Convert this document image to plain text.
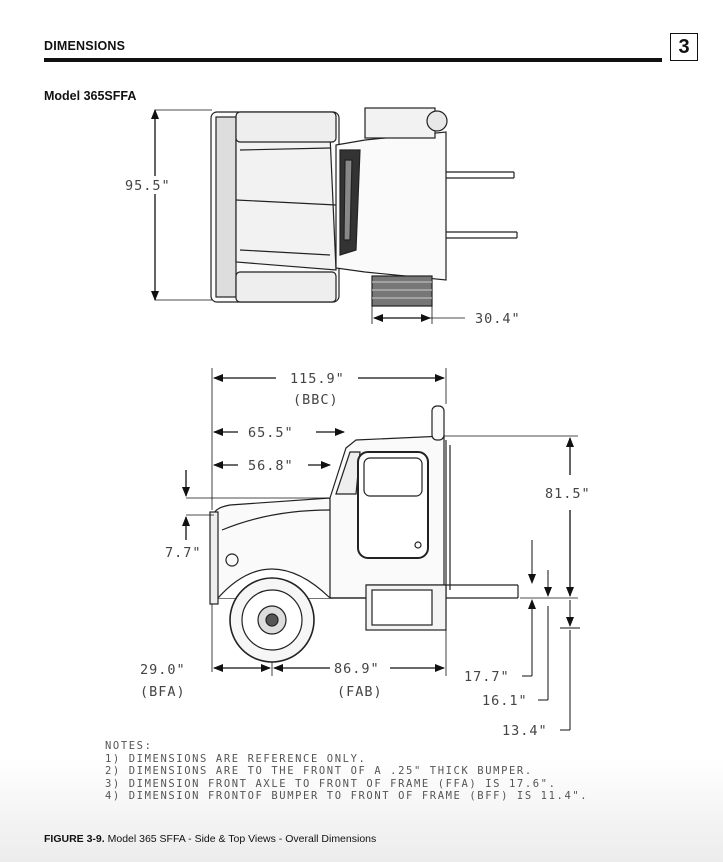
DIMENSIONS	3
Model 365SFFA
95.5"
30.4"
115.9"
(BBC)
65.5"
56.8"
7.7"
81.5"
29.0"
(BFA)
86.9"
(FAB)
17.7"
16.1"
13.4"
NOTES:
1) DIMENSIONS ARE REFERENCE ONLY.
2) DIMENSIONS ARE TO THE FRONT OF A .25" THICK BUMPER.
3) DIMENSION FRONT AXLE TO FRONT OF FRAME (FFA) IS 17.6".
4) DIMENSION FRONTOF BUMPER TO FRONT OF FRAME (BFF) IS 11.4".
FIGURE 3-9. Model 365 SFFA - Side & Top Views - Overall Dimensions
